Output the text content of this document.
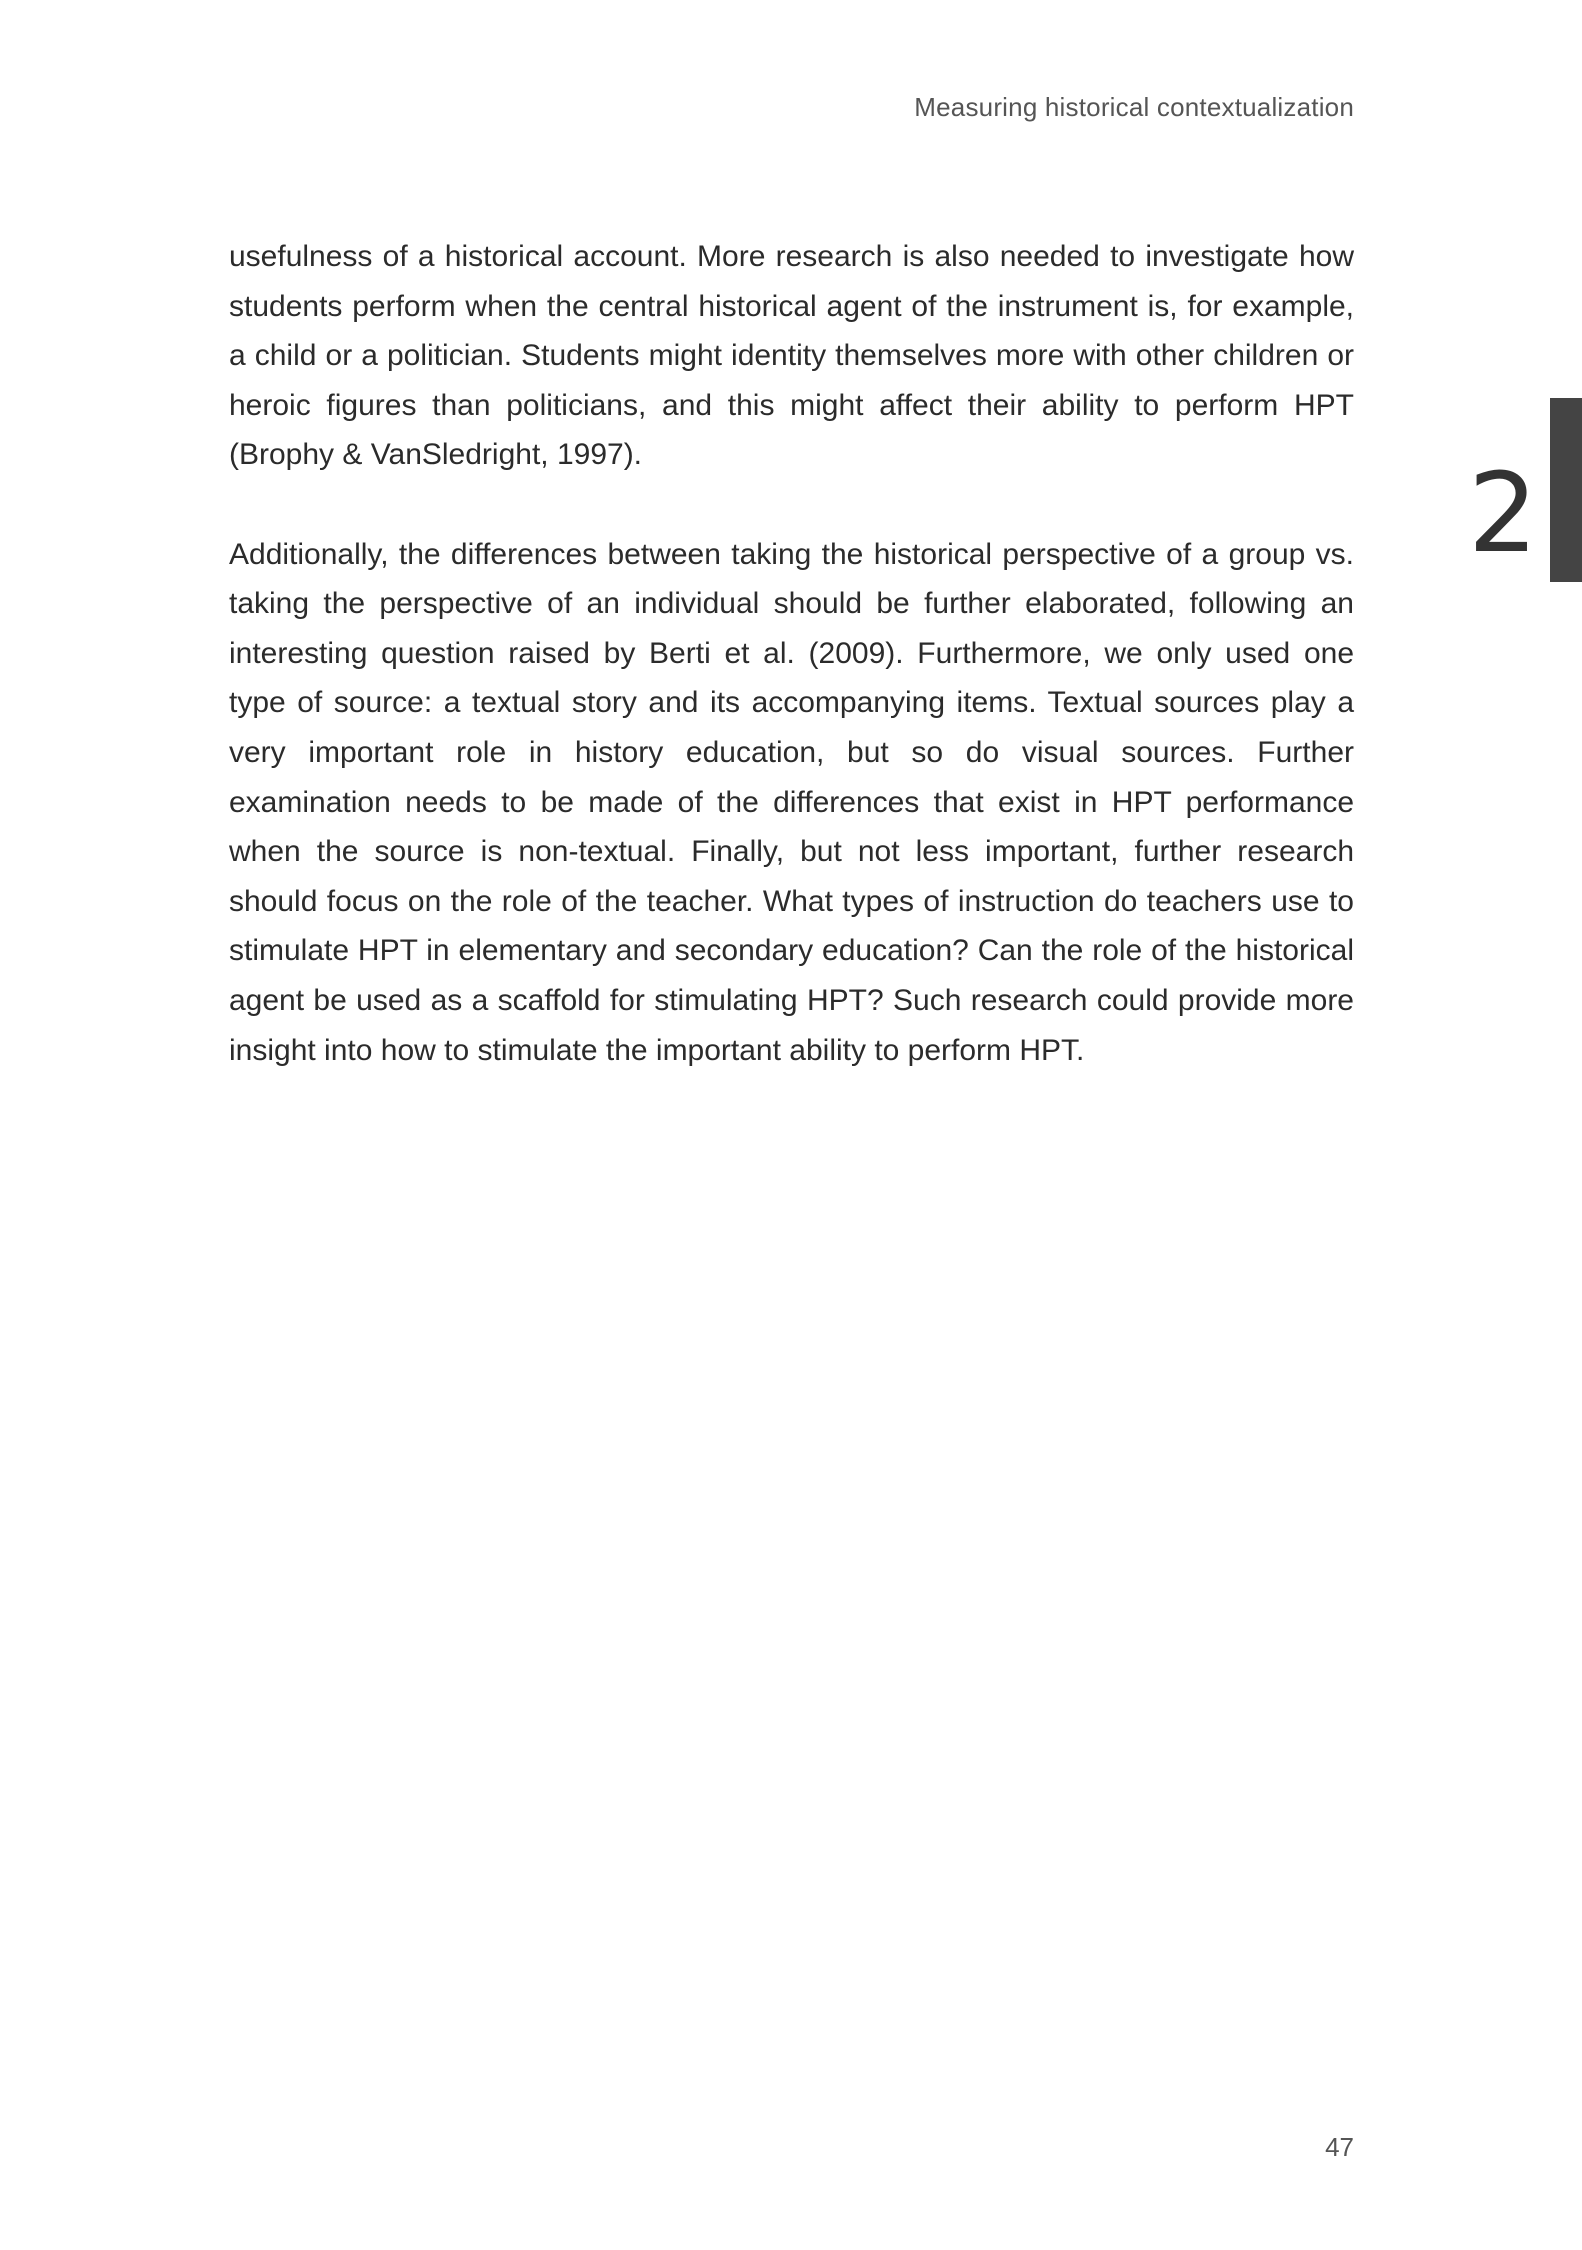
Measuring historical contextualization

usefulness of a historical account. More research is also needed to investigate how students perform when the central historical agent of the instrument is, for example, a child or a politician. Students might identity themselves more with other children or heroic figures than politicians, and this might affect their ability to perform HPT (Brophy & VanSledright, 1997).

Additionally, the differences between taking the historical perspective of a group vs. taking the perspective of an individual should be further elaborated, following an interesting question raised by Berti et al. (2009). Furthermore, we only used one type of source: a textual story and its accompanying items. Textual sources play a very important role in history education, but so do visual sources. Further examination needs to be made of the differences that exist in HPT performance when the source is non-textual. Finally, but not less important, further research should focus on the role of the teacher. What types of instruction do teachers use to stimulate HPT in elementary and secondary education? Can the role of the historical agent be used as a scaffold for stimulating HPT? Such research could provide more insight into how to stimulate the important ability to perform HPT.

2
47
